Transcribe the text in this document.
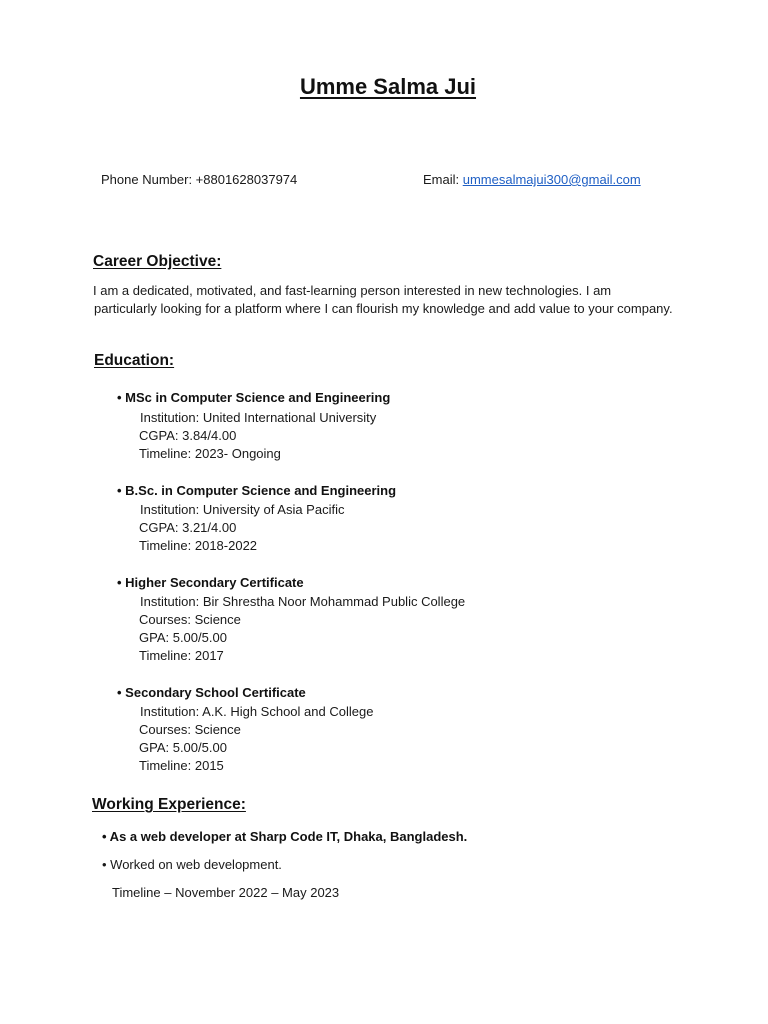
Umme Salma Jui
Phone Number: +8801628037974	Email: ummesalmajui300@gmail.com
Career Objective:
I am a dedicated, motivated, and fast-learning person interested in new technologies. I am
particularly looking for a platform where I can flourish my knowledge and add value to your company.
Education:
• MSc in Computer Science and Engineering
Institution: United International University
CGPA: 3.84/4.00
Timeline: 2023- Ongoing
• B.Sc. in Computer Science and Engineering
Institution: University of Asia Pacific
CGPA: 3.21/4.00
Timeline: 2018-2022
• Higher Secondary Certificate
Institution: Bir Shrestha Noor Mohammad Public College
Courses: Science
GPA: 5.00/5.00
Timeline: 2017
• Secondary School Certificate
Institution: A.K. High School and College
Courses: Science
GPA: 5.00/5.00
Timeline: 2015
Working Experience:
• As a web developer at Sharp Code IT, Dhaka, Bangladesh.
• Worked on web development.
Timeline – November 2022 – May 2023
